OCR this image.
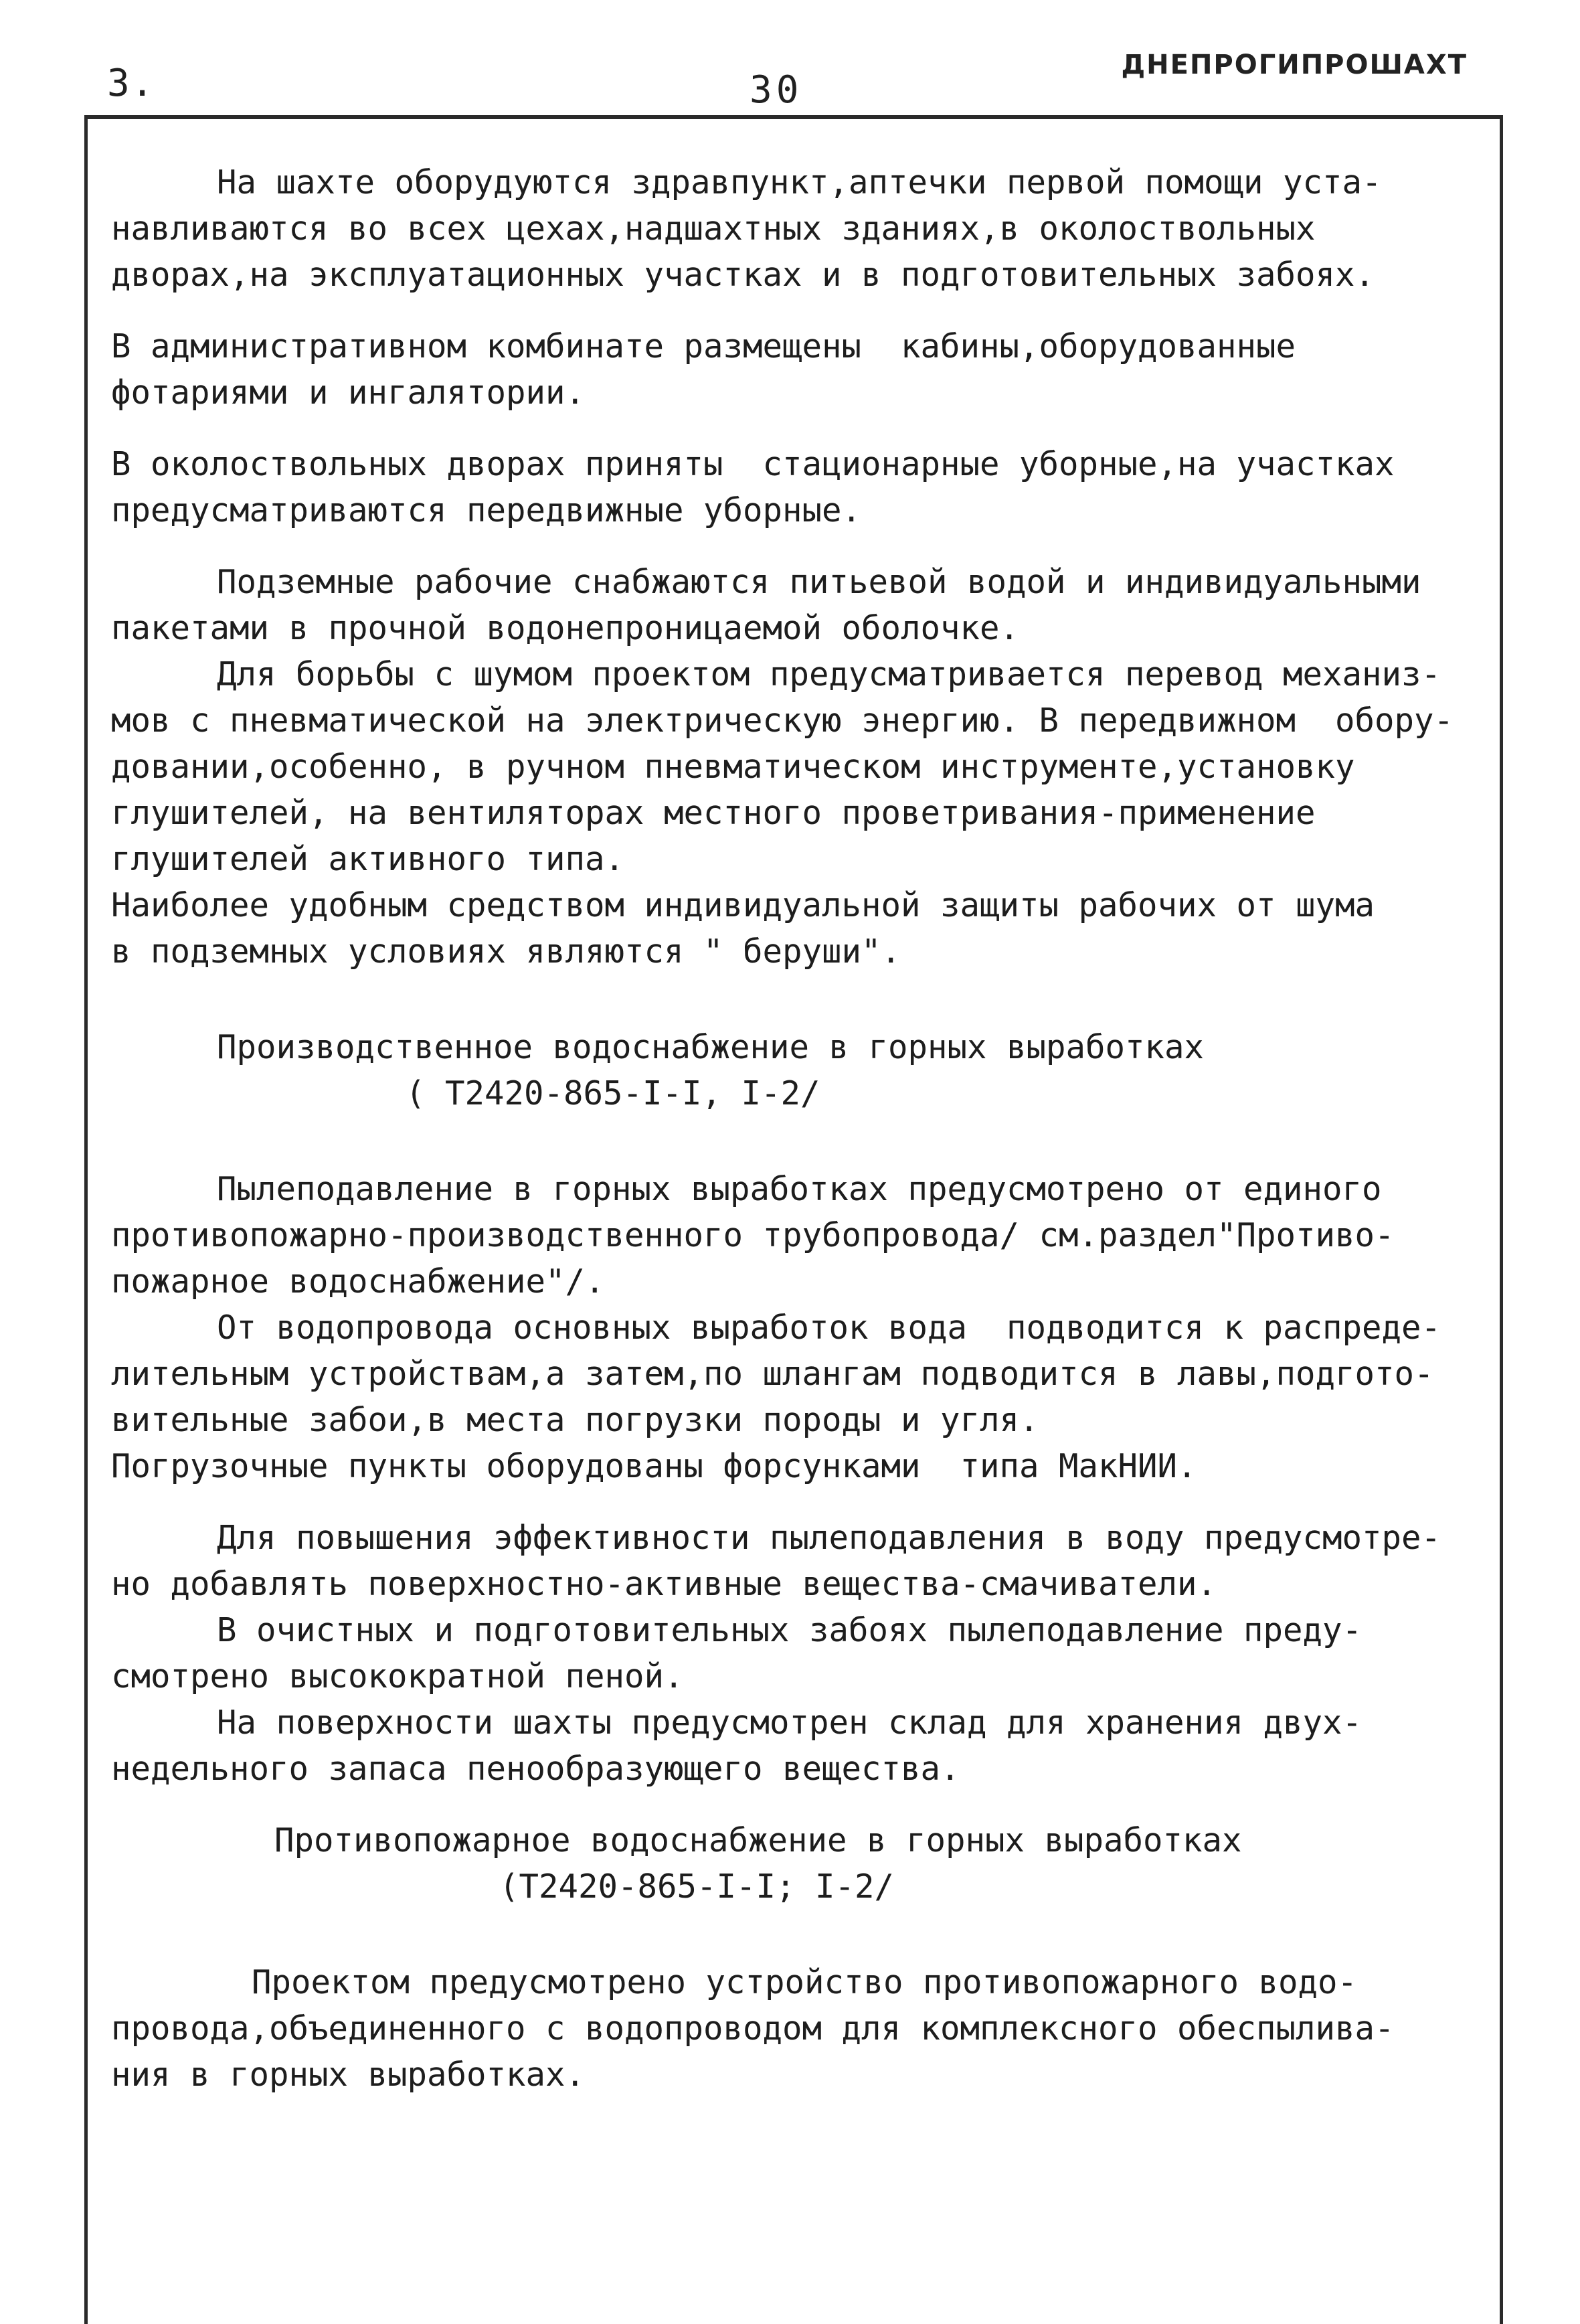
3.	30
ДНЕПРОГИПРОШАХТ
На шахте оборудуются здравпункт,аптечки первой помощи уста-
навливаются во всех цехах,надшахтных зданиях,в околоствольных
дворах,на эксплуатационных участках и в подготовительных забоях.
В административном комбинате размещены  кабины,оборудованные
фотариями и ингалятории.
В околоствольных дворах приняты  стационарные уборные,на участках
предусматриваются передвижные уборные.
Подземные рабочие снабжаются питьевой водой и индивидуальными
пакетами в прочной водонепроницаемой оболочке.
Для борьбы с шумом проектом предусматривается перевод механиз-
мов с пневматической на электрическую энергию. В передвижном  обору-
довании,особенно, в ручном пневматическом инструменте,установку
глушителей, на вентиляторах местного проветривания-применение
глушителей активного типа.
Наиболее удобным средством индивидуальной защиты рабочих от шума
в подземных условиях являются " беруши".
Производственное водоснабжение в горных выработках
( Т2420-865-I-I, I-2/
Пылеподавление в горных выработках предусмотрено от единого
противопожарно-производственного трубопровода/ см.раздел"Противо-
пожарное водоснабжение"/.
От водопровода основных выработок вода  подводится к распреде-
лительным устройствам,а затем,по шлангам подводится в лавы,подгото-
вительные забои,в места погрузки породы и угля.
Погрузочные пункты оборудованы форсунками  типа МакНИИ.
Для повышения эффективности пылеподавления в воду предусмотре-
но добавлять поверхностно-активные вещества-смачиватели.
В очистных и подготовительных забоях пылеподавление преду-
смотрено высокократной пеной.
На поверхности шахты предусмотрен склад для хранения двух-
недельного запаса пенообразующего вещества.
Противопожарное водоснабжение в горных выработках
(Т2420-865-I-I; I-2/
Проектом предусмотрено устройство противопожарного водо-
провода,объединенного с водопроводом для комплексного обеспылива-
ния в горных выработках.
